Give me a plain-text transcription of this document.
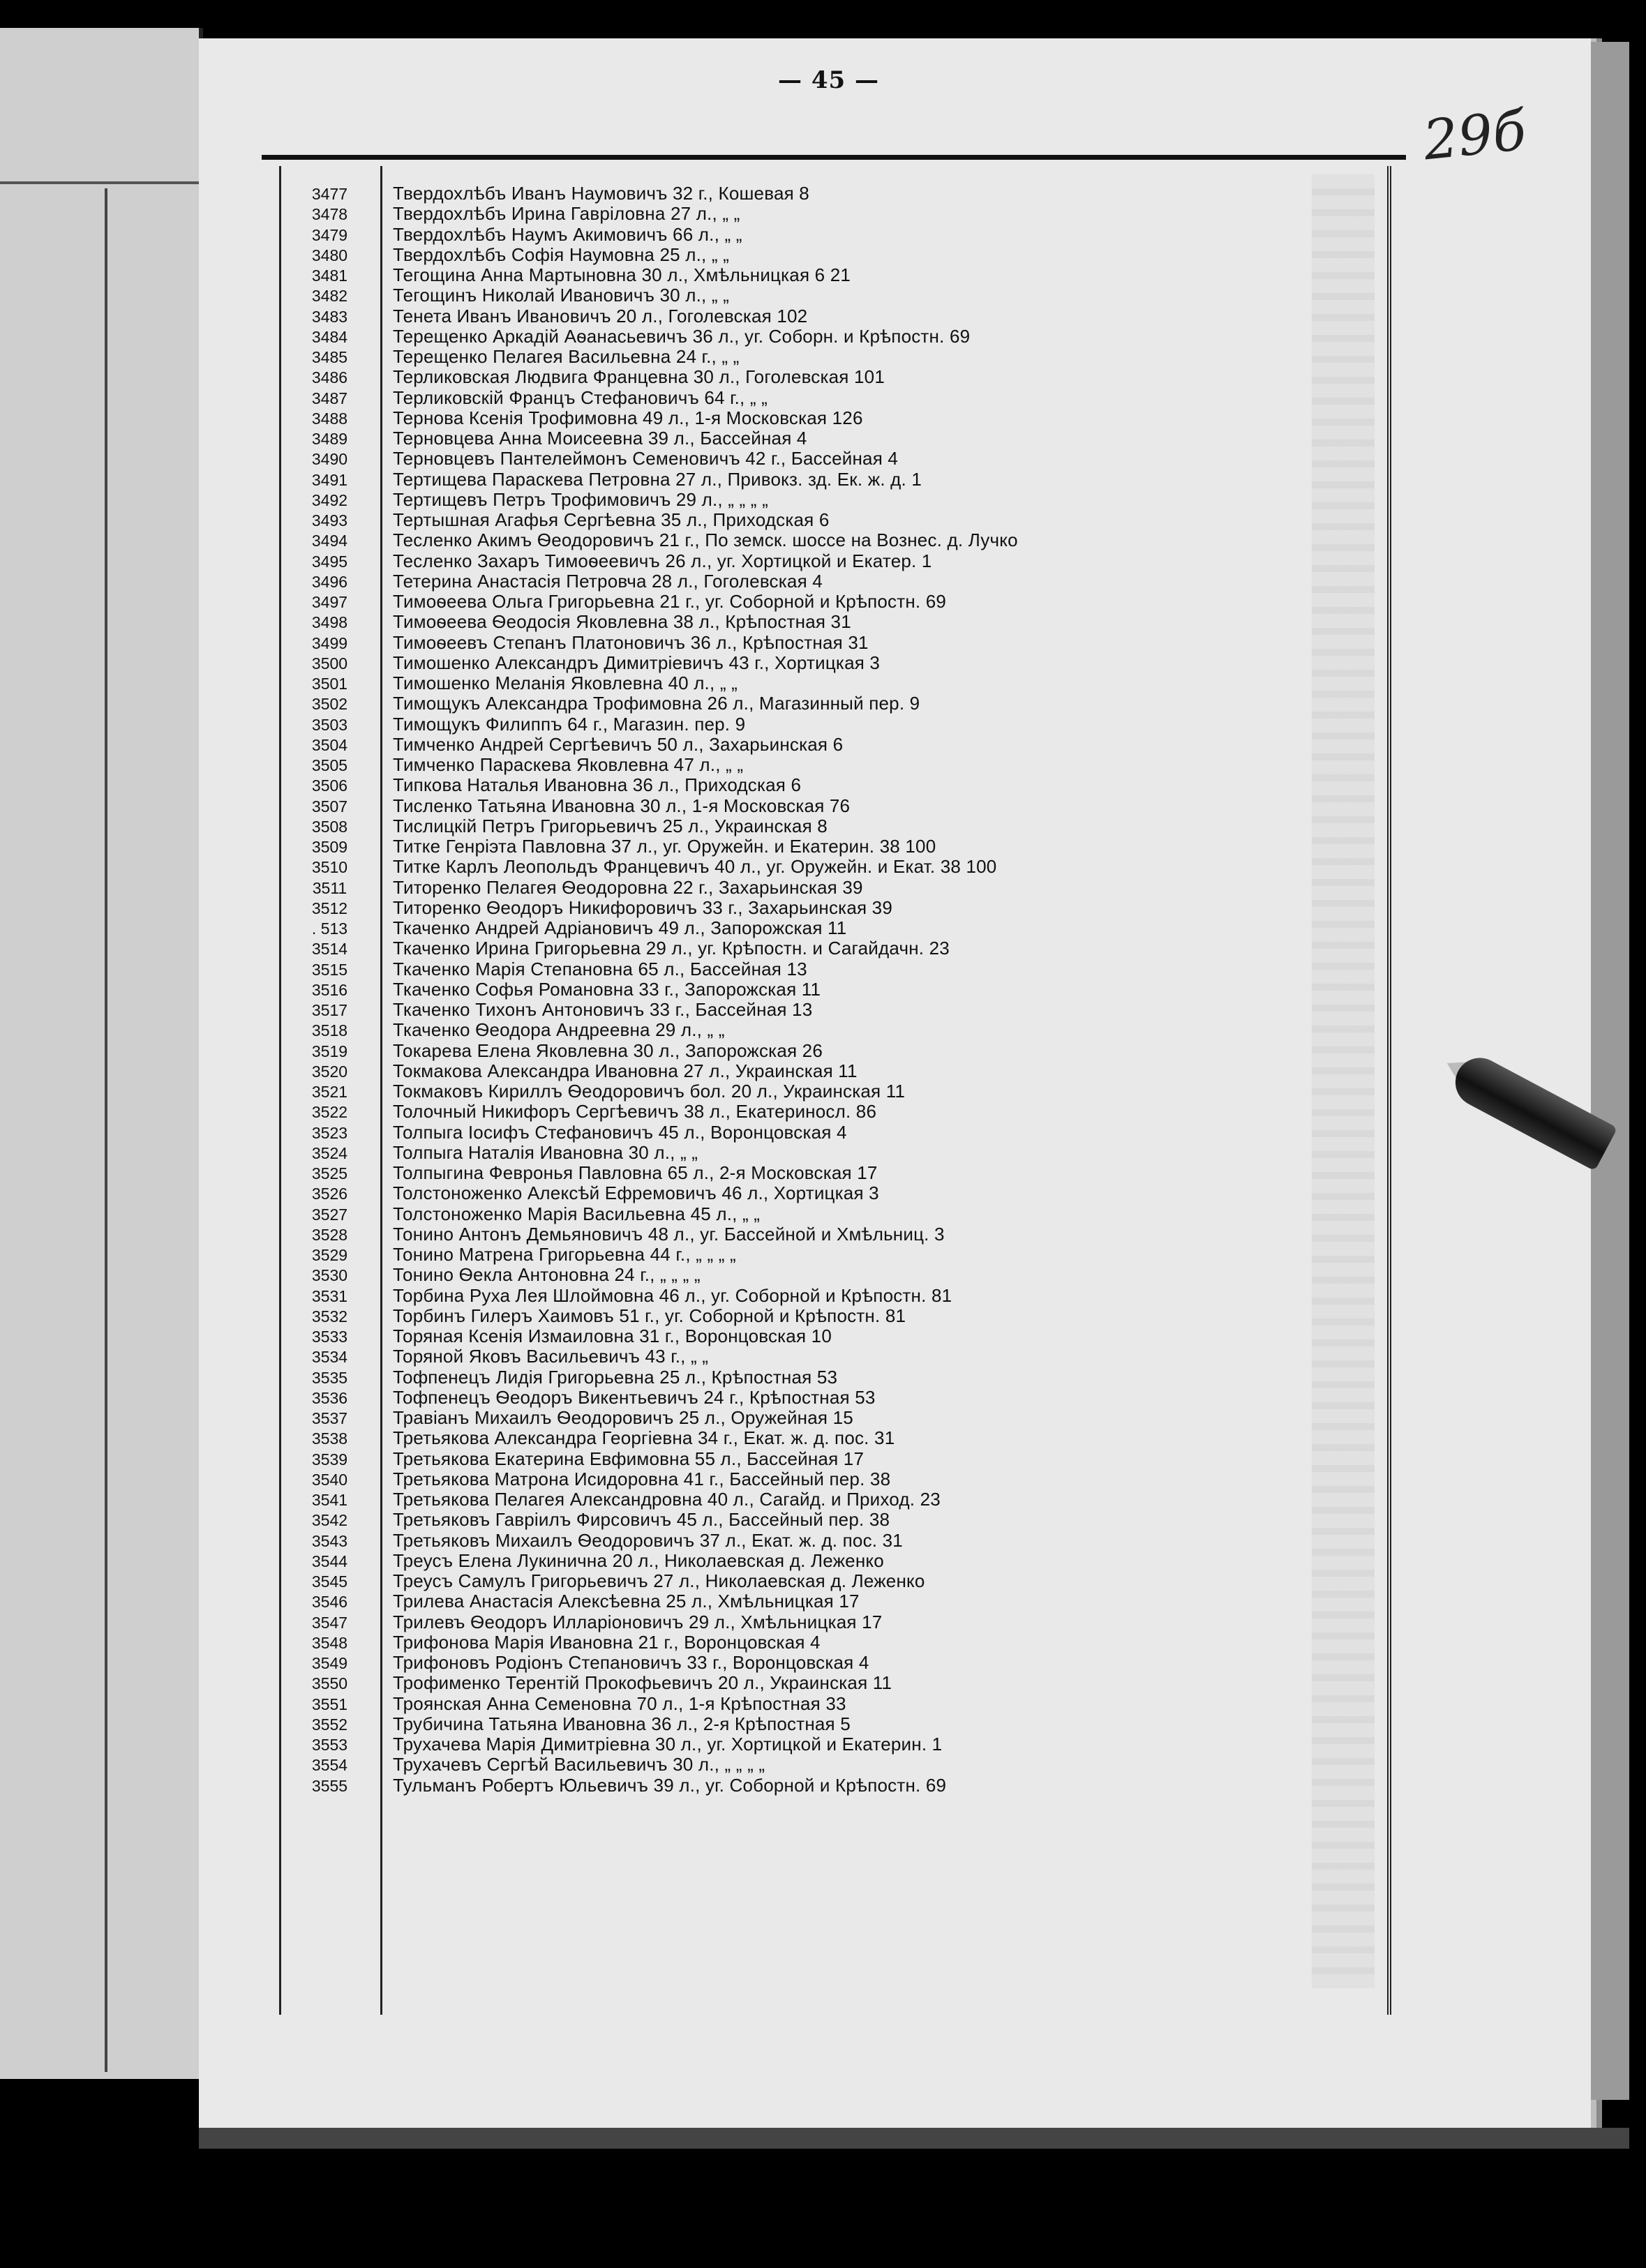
— 45 —
29б
3477 Твердохлѣбъ Иванъ Наумовичъ 32 г., Кошевая 8
3478 Твердохлѣбъ Ирина Гаврiловна 27 л., „ „
3479 Твердохлѣбъ Наумъ Акимовичъ 66 л., „ „
3480 Твердохлѣбъ Софія Наумовна 25 л., „ „
3481 Тегощина Анна Мартыновна 30 л., Хмѣльницкая 6 21
3482 Тегощинъ Николай Ивановичъ 30 л., „ „
3483 Тенета Иванъ Ивановичъ 20 л., Гоголевская 102
3484 Терещенко Аркадій Аѳанасьевичъ 36 л., уг. Соборн. и Крѣпостн. 69
3485 Терещенко Пелагея Васильевна 24 г., „ „
3486 Терликовская Людвига Францевна 30 л., Гоголевская 101
3487 Терликовскій Францъ Стефановичъ 64 г., „ „
3488 Тернова Ксенія Трофимовна 49 л., 1-я Московская 126
3489 Терновцева Анна Моисеевна 39 л., Бассейная 4
3490 Терновцевъ Пантелеймонъ Семеновичъ 42 г., Бассейная 4
3491 Тертищева Параскева Петровна 27 л., Привокз. зд. Ек. ж. д. 1
3492 Тертищевъ Петръ Трофимовичъ 29 л., „ „ „ „
3493 Тертышная Агафья Сергѣевна 35 л., Приходская 6
3494 Тесленко Акимъ Ѳеодоровичъ 21 г., По земск. шоссе на Вознес. д. Лучко
3495 Тесленко Захаръ Тимоѳеевичъ 26 л., уг. Хортицкой и Екатер. 1
3496 Тетерина Анастасія Петровча 28 л., Гоголевская 4
3497 Тимоѳеева Ольга Григорьевна 21 г., уг. Соборной и Крѣпостн. 69
3498 Тимоѳеева Ѳеодосія Яковлевна 38 л., Крѣпостная 31
3499 Тимоѳеевъ Степанъ Платоновичъ 36 л., Крѣпостная 31
3500 Тимошенко Александръ Димитріевичъ 43 г., Хортицкая 3
3501 Тимошенко Меланія Яковлевна 40 л., „ „
3502 Тимощукъ Александра Трофимовна 26 л., Магазинный пер. 9
3503 Тимощукъ Филиппъ 64 г., Магазин. пер. 9
3504 Тимченко Андрей Сергѣевичъ 50 л., Захарьинская 6
3505 Тимченко Параскева Яковлевна 47 л., „ „
3506 Типкова Наталья Ивановна 36 л., Приходская 6
3507 Тисленко Татьяна Ивановна 30 л., 1-я Московская 76
3508 Тислицкій Петръ Григорьевичъ 25 л., Украинская 8
3509 Титке Генріэта Павловна 37 л., уг. Оружейн. и Екатерин. 38 100
3510 Титке Карлъ Леопольдъ Францевичъ 40 л., уг. Оружейн. и Екат. 38 100
3511	Титоренко Пелагея Ѳеодоровна 22 г., Захарьинская 39
3512 Титоренко Ѳеодоръ Никифоровичъ 33 г., Захарьинская 39
. 513 Ткаченко Андрей Адріановичъ 49 л., Запорожская 11
3514 Ткаченко Ирина Григорьевна 29 л., уг. Крѣпостн. и Сагайдачн. 23
3515 Ткаченко Марія Степановна 65 л., Бассейная 13
3516 Ткаченко Софья Романовна 33 г., Запорожская 11
3517 Ткаченко Тихонъ Антоновичъ 33 г., Бассейная 13
3518 Ткаченко Ѳеодора Андреевна 29 л., „ „
3519 Токарева Елена Яковлевна 30 л., Запорожская 26
3520 Токмакова Александра Ивановна 27 л., Украинская 11
3521 Токмаковъ Кириллъ Ѳеодоровичъ бол. 20 л., Украинская 11
3522 Толочный Никифоръ Сергѣевичъ 38 л., Екатериносл. 86
3523 Толпыга Іосифъ Стефановичъ 45 л., Воронцовская 4
3524 Толпыга Наталія Ивановна 30 л., „ „
3525 Толпыгина Февронья Павловна 65 л., 2-я Московская 17
3526 Толстоноженко Алексѣй Ефремовичъ 46 л., Хортицкая 3
3527 Толстоноженко Марія Васильевна 45 л., „ „
3528 Тонино Антонъ Демьяновичъ 48 л., уг. Бассейной и Хмѣльниц. 3
3529 Тонино Матрена Григорьевна 44 г., „ „ „ „
3530 Тонино Ѳекла Антоновна 24 г., „ „ „ „
3531 Торбина Руха Лея Шлоймовна 46 л., уг. Соборной и Крѣпостн. 81
3532 Торбинъ Гилеръ Хаимовъ 51 г., уг. Соборной и Крѣпостн. 81
3533 Торяная Ксенія Измаиловна 31 г., Воронцовская 10
3534 Торяной Яковъ Васильевичъ 43 г., „ „
3535 Тофпенецъ Лидія Григорьевна 25 л., Крѣпостная 53
3536 Тофпенецъ Ѳеодоръ Викентьевичъ 24 г., Крѣпостная 53
3537 Травіанъ Михаилъ Ѳеодоровичъ 25 л., Оружейная 15
3538 Третьякова Александра Георгіевна 34 г., Екат. ж. д. пос. 31
3539 Третьякова Екатерина Евфимовна 55 л., Бассейная 17
3540 Третьякова Матрона Исидоровна 41 г., Бассейный пер. 38
3541 Третьякова Пелагея Александровна 40 л., Сагайд. и Приход. 23
3542 Третьяковъ Гавріилъ Фирсовичъ 45 л., Бассейный пер. 38
3543 Третьяковъ Михаилъ Ѳеодоровичъ 37 л., Екат. ж. д. пос. 31
3544 Треусъ Елена Лукинична 20 л., Николаевская д. Леженко
3545 Треусъ Самулъ Григорьевичъ 27 л., Николаевская д. Леженко
3546 Трилева Анастасія Алексѣевна 25 л., Хмѣльницкая 17
3547 Трилевъ Ѳеодоръ Илларіоновичъ 29 л., Хмѣльницкая 17
3548 Трифонова Марія Ивановна 21 г., Воронцовская 4
3549 Трифоновъ Родіонъ Степановичъ 33 г., Воронцовская 4
3550 Трофименко Терентій Прокофьевичъ 20 л., Украинская 11
3551 Троянская Анна Семеновна 70 л., 1-я Крѣпостная 33
3552 Трубичина Татьяна Ивановна 36 л., 2-я Крѣпостная 5
3553 Трухачева Марія Димитріевна 30 л., уг. Хортицкой и Екатерин. 1
3554 Трухачевъ Сергѣй Васильевичъ 30 л., „ „ „ „
3555 Тульманъ Робертъ Юльевичъ 39 л., уг. Соборной и Крѣпостн. 69
